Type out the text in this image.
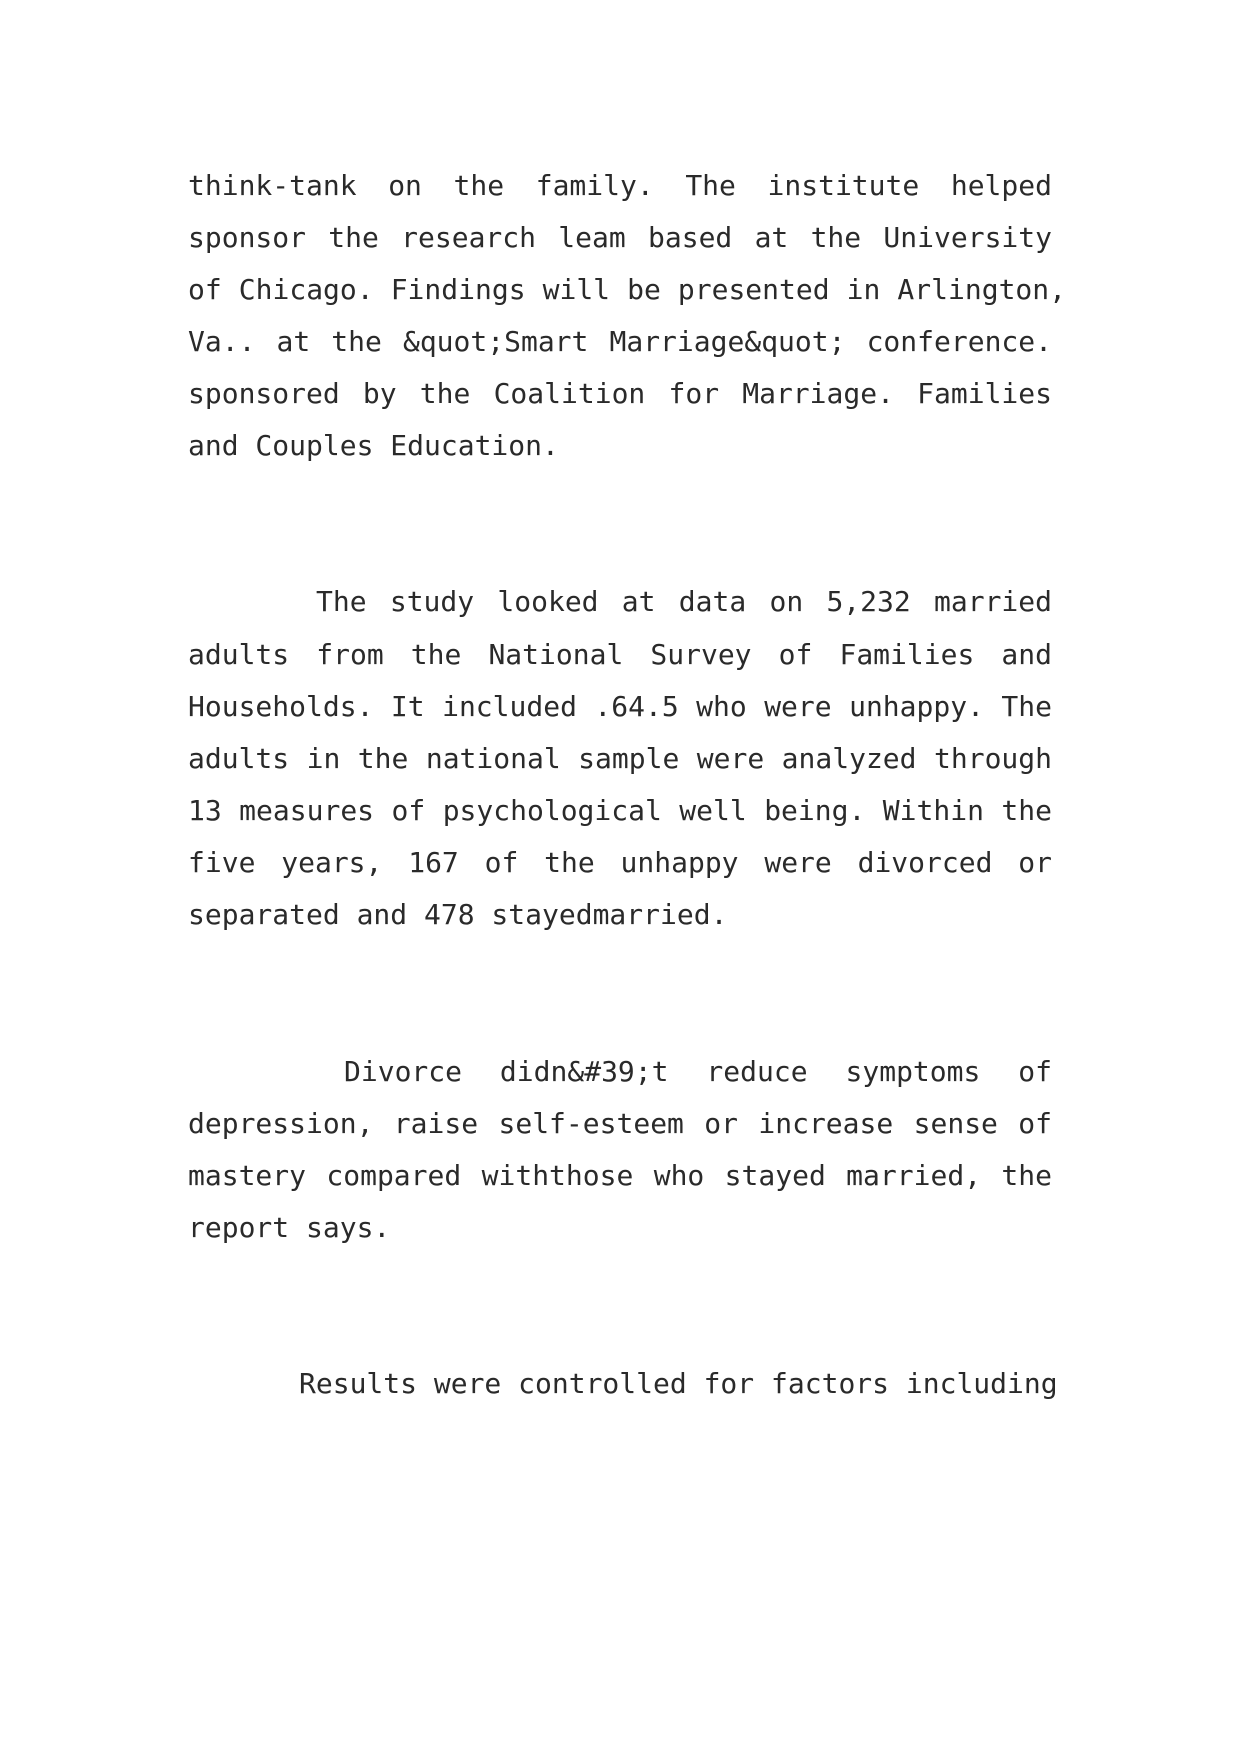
think-tank on the family. The institute helped
sponsor the research leam based at the University
of Chicago. Findings will be presented in Arlington,
Va.. at the &quot;Smart Marriage&quot; conference.
sponsored by the Coalition for Marriage. Families
and Couples Education.
The study looked at data on 5,232 married
adults from the National Survey of Families and
Households. It included .64.5 who were unhappy. The
adults in the national sample were analyzed through
13 measures of psychological well being. Within the
five years, 167 of the unhappy were divorced or
separated and 478 stayedmarried.
Divorce didn&#39;t reduce symptoms of
depression, raise self-esteem or increase sense of
mastery compared withthose who stayed married, the
report says.
Results were controlled for factors including
